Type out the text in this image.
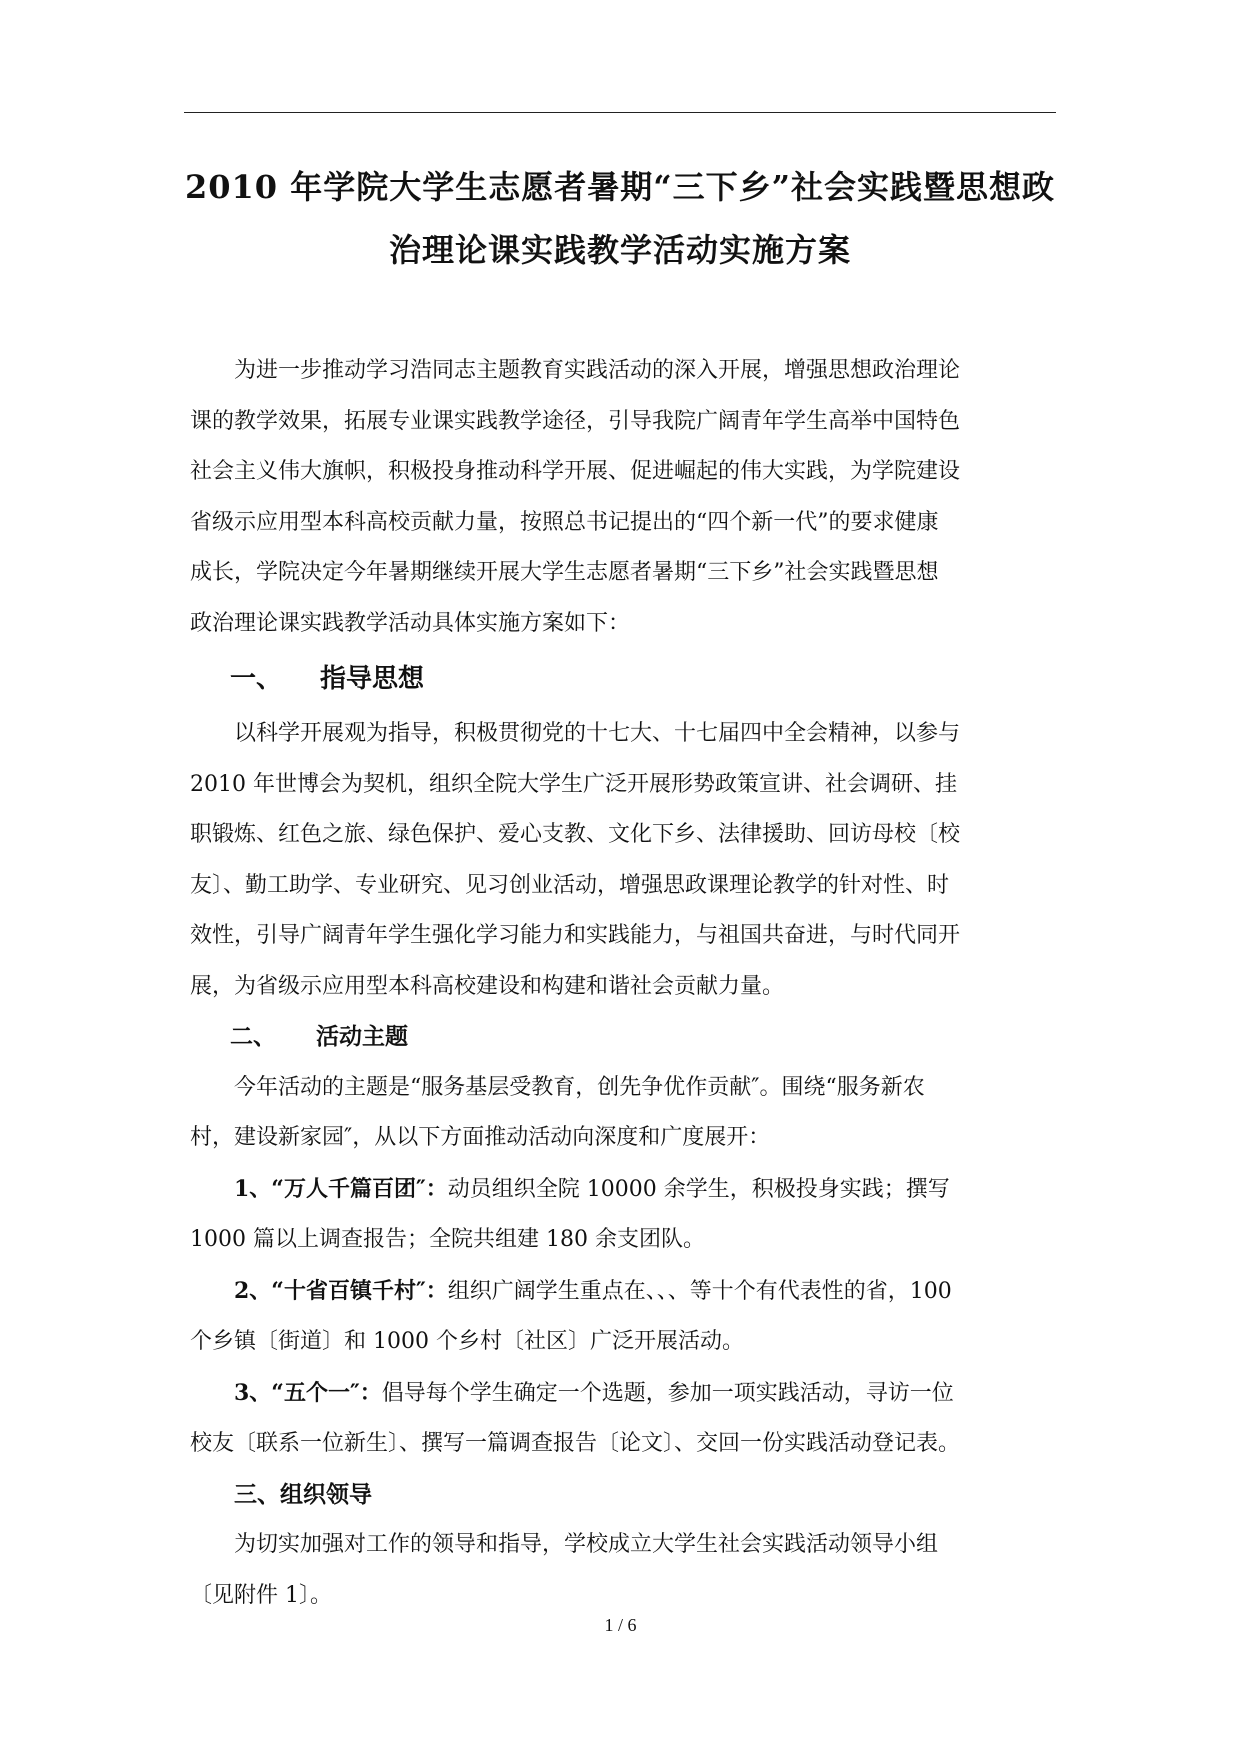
2010 年学院大学生志愿者暑期“三下乡”社会实践暨思想政
治理论课实践教学活动实施方案

为进一步推动学习浩同志主题教育实践活动的深入开展，增强思想政治理论

课的教学效果，拓展专业课实践教学途径，引导我院广阔青年学生高举中国特色

社会主义伟大旗帜，积极投身推动科学开展、促进崛起的伟大实践，为学院建设

省级示应用型本科高校贡献力量，按照总书记提出的“四个新一代”的要求健康

成长，学院决定今年暑期继续开展大学生志愿者暑期“三下乡”社会实践暨思想

政治理论课实践教学活动具体实施方案如下：

一、 指导思想

以科学开展观为指导，积极贯彻党的十七大、十七届四中全会精神，以参与

2010 年世博会为契机，组织全院大学生广泛开展形势政策宣讲、社会调研、挂

职锻炼、红色之旅、绿色保护、爱心支教、文化下乡、法律援助、回访母校〔校

友〕、勤工助学、专业研究、见习创业活动，增强思政课理论教学的针对性、时

效性，引导广阔青年学生强化学习能力和实践能力，与祖国共奋进，与时代同开

展，为省级示应用型本科高校建设和构建和谐社会贡献力量。

二、 活动主题

今年活动的主题是“服务基层受教育，创先争优作贡献″。围绕“服务新农

村，建设新家园″，从以下方面推动活动向深度和广度展开：

1、“万人千篇百团″：动员组织全院 10000 余学生，积极投身实践；撰写

1000 篇以上调查报告；全院共组建 180 余支团队。

2、“十省百镇千村″：组织广阔学生重点在、、、等十个有代表性的省，100

个乡镇〔街道〕和 1000 个乡村〔社区〕广泛开展活动。

3、“五个一″：倡导每个学生确定一个选题，参加一项实践活动，寻访一位

校友〔联系一位新生〕、撰写一篇调查报告〔论文〕、交回一份实践活动登记表。

三、组织领导

为切实加强对工作的领导和指导，学校成立大学生社会实践活动领导小组

〔见附件 1〕。

1 / 6
